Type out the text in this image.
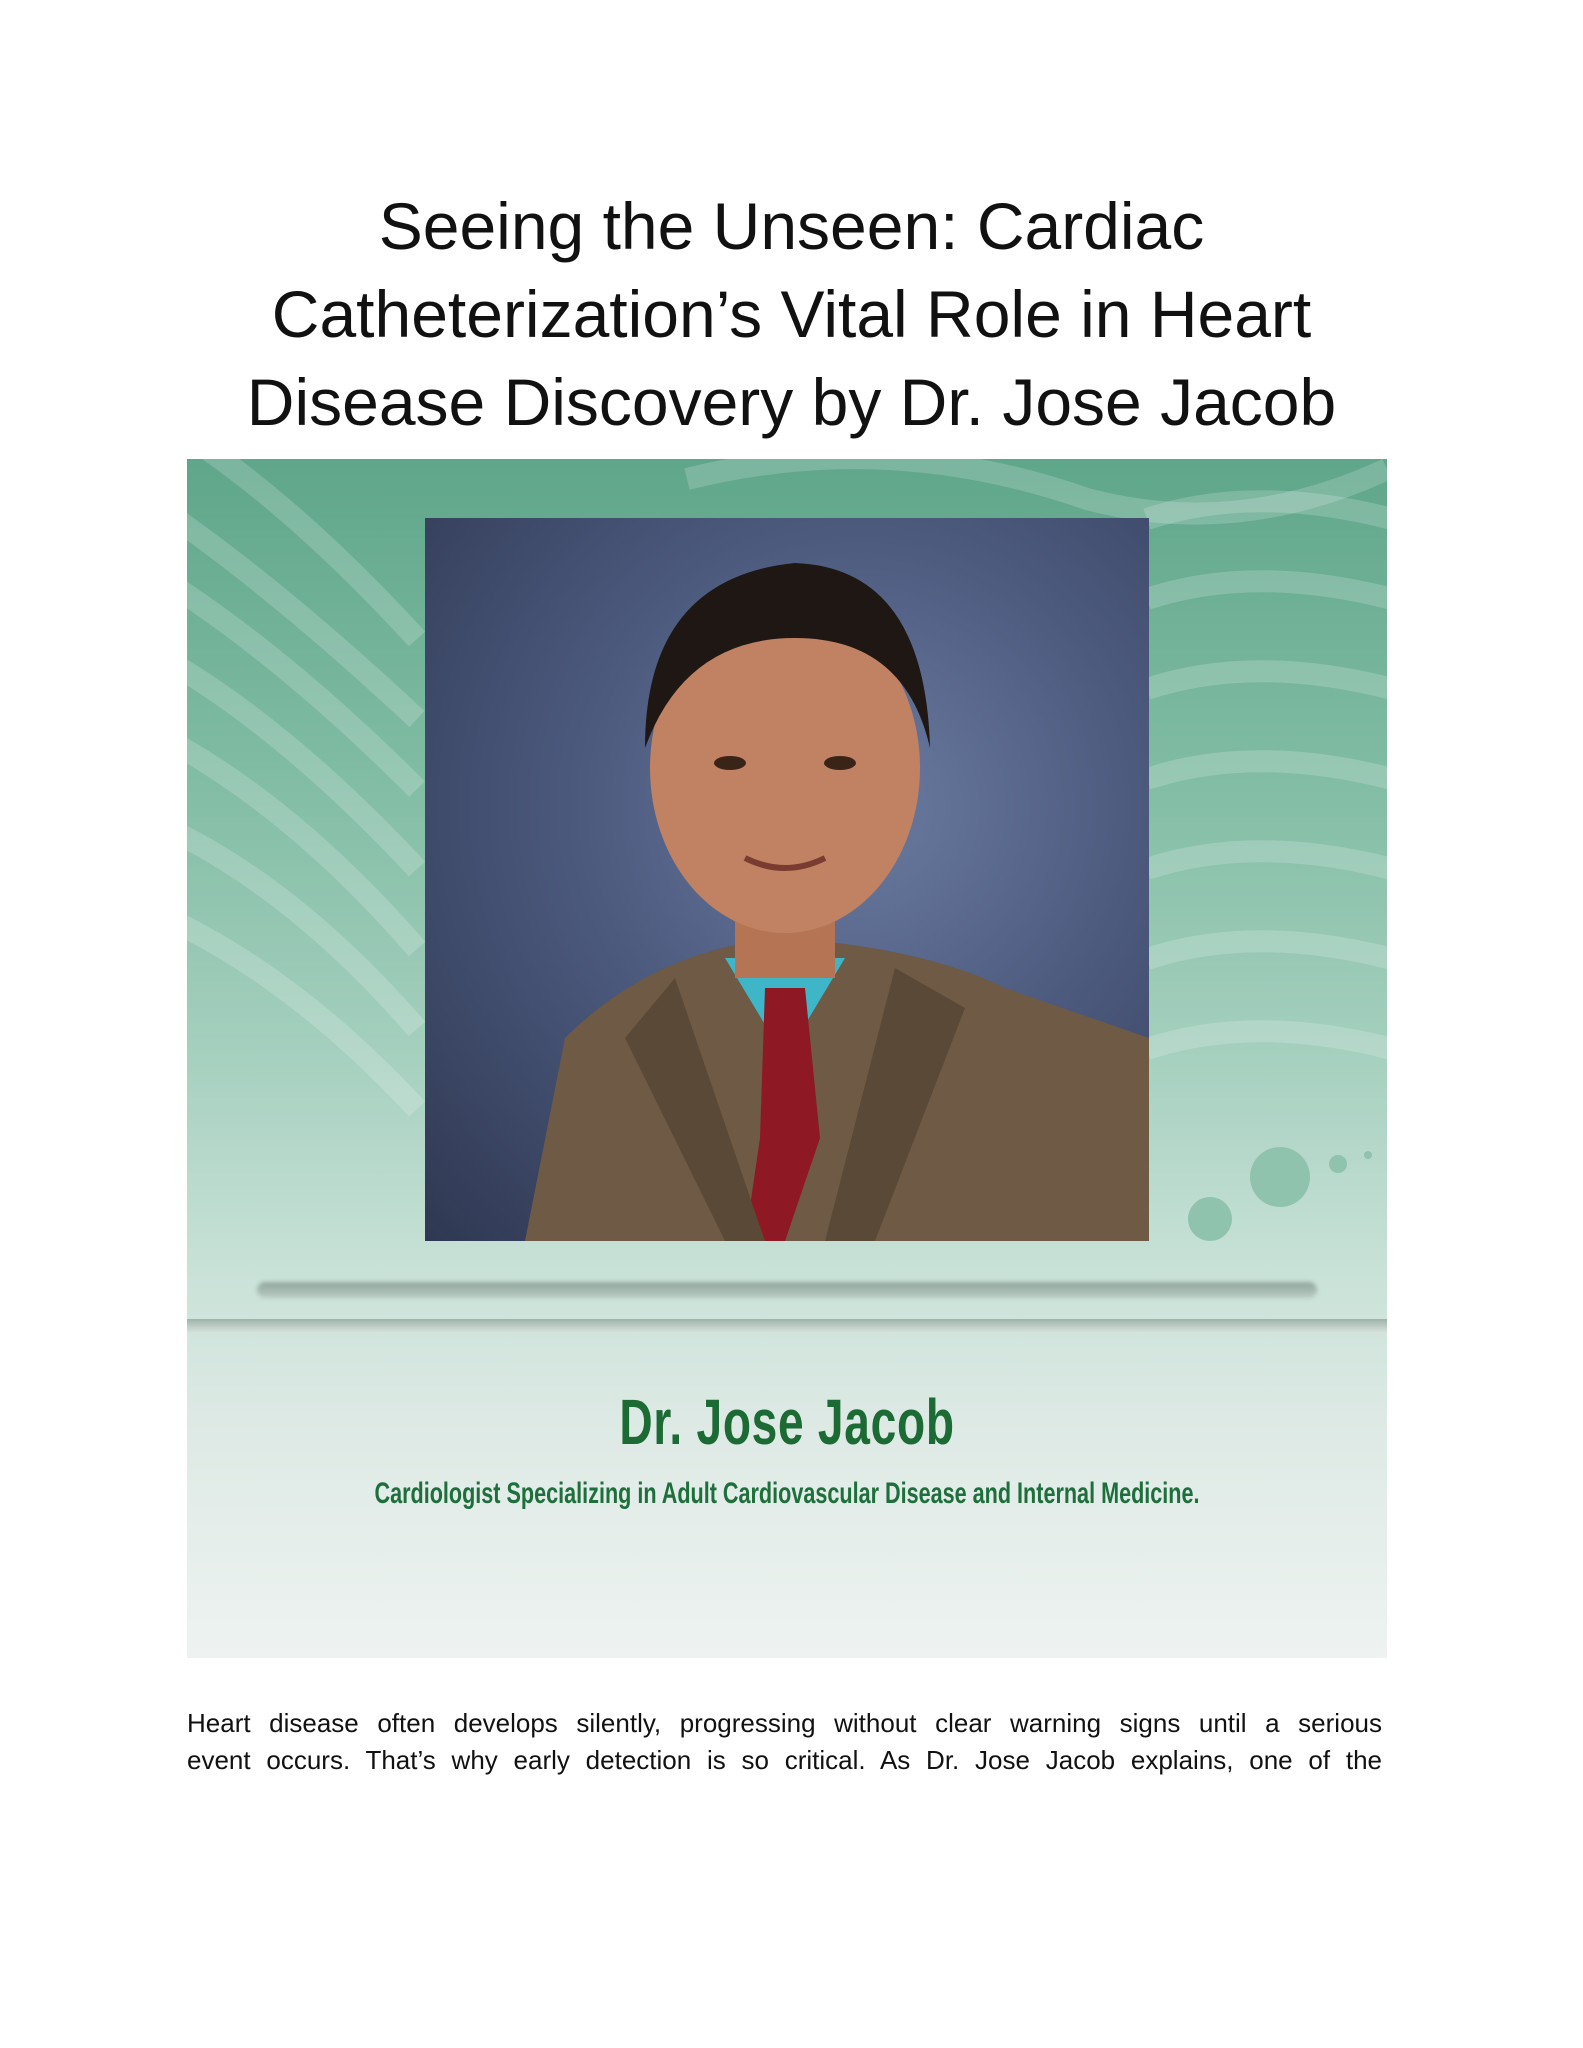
Seeing the Unseen: Cardiac
Catheterization’s Vital Role in Heart
Disease Discovery by Dr. Jose Jacob
Dr. Jose Jacob
Cardiologist Specializing in Adult Cardiovascular Disease and Internal Medicine.
Heart disease often develops silently, progressing without clear warning signs until a serious
event occurs. That’s why early detection is so critical. As Dr. Jose Jacob explains, one of the
